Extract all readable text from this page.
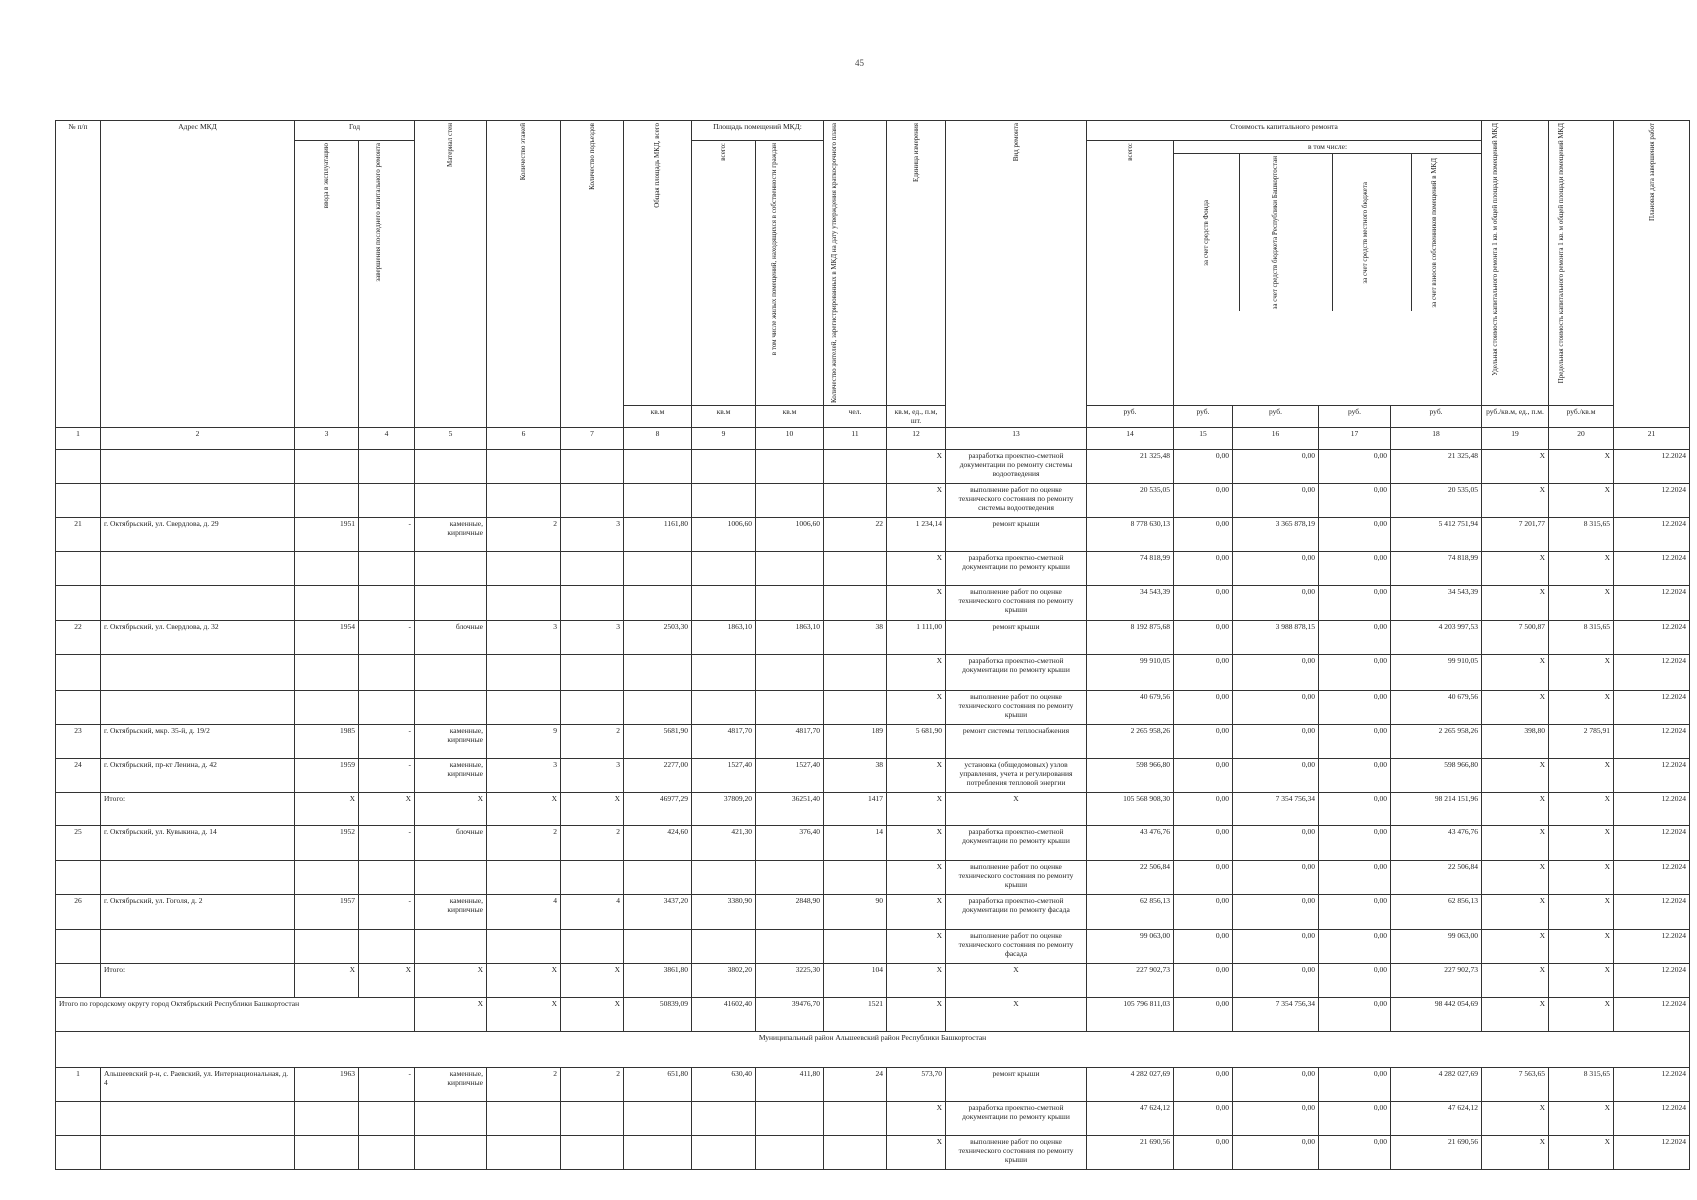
45
№ п/п	Адрес МКД	Год	Материал стен	Количество этажей	Количество подъездов	Общая площадь МКД, всего	Площадь помещений МКД:	Количество жителей, зарегистрированных в МКД на дату утверждения краткосрочного плана	Единица измерения	Вид ремонта	Стоимость капитального ремонта	Удельная стоимость капитального ремонта 1 кв. м общей площади помещений МКД	Предельная стоимость капитального ремонта 1 кв. м общей площади помещений МКД	Плановая дата завершения работ

ввода в эксплуатацию	завершения последнего капитального ремонта	всего:	в том числе жилых помещений, находящихся в собственности граждан	всего:	в том числе:
за счет средств Фонда	за счет средств бюджета Республики Башкортостан	за счет средств местного бюджета	за счет взносов собственников помещений в МКД

кв.м	кв.м	кв.м	чел.	кв.м, ед., п.м, шт.	руб.	руб.	руб.	руб.	руб.	руб./кв.м, ед., п.м.	руб./кв.м
1	2	3	4	5	6	7	8	9	10	11	12	13	14	15	16	17	18	19	20	21
											X	разработка проектно-сметной документации по ремонту системы водоотведения	21 325,48	0,00	0,00	0,00	21 325,48	X	X	12.2024
											X	выполнение работ по оценке технического состояния по ремонту системы водоотведения	20 535,05	0,00	0,00	0,00	20 535,05	X	X	12.2024
21	г. Октябрьский, ул. Свердлова, д. 29	1951	-	каменные, кирпичные	2	3	1161,80	1006,60	1006,60	22	1 234,14	ремонт крыши	8 778 630,13	0,00	3 365 878,19	0,00	5 412 751,94	7 201,77	8 315,65	12.2024
											X	разработка проектно-сметной документации по ремонту крыши	74 818,99	0,00	0,00	0,00	74 818,99	X	X	12.2024
											X	выполнение работ по оценке технического состояния по ремонту крыши	34 543,39	0,00	0,00	0,00	34 543,39	X	X	12.2024
22	г. Октябрьский, ул. Свердлова, д. 32	1954	-	блочные	3	3	2503,30	1863,10	1863,10	38	1 111,00	ремонт крыши	8 192 875,68	0,00	3 988 878,15	0,00	4 203 997,53	7 500,87	8 315,65	12.2024
											X	разработка проектно-сметной документации по ремонту крыши	99 910,05	0,00	0,00	0,00	99 910,05	X	X	12.2024
											X	выполнение работ по оценке технического состояния по ремонту крыши	40 679,56	0,00	0,00	0,00	40 679,56	X	X	12.2024
23	г. Октябрьский, мкр. 35-й, д. 19/2	1985	-	каменные, кирпичные	9	2	5681,90	4817,70	4817,70	189	5 681,90	ремонт системы теплоснабжения	2 265 958,26	0,00	0,00	0,00	2 265 958,26	398,80	2 785,91	12.2024
24	г. Октябрьский, пр-кт Ленина, д. 42	1959	-	каменные, кирпичные	3	3	2277,00	1527,40	1527,40	38	X	установка (общедомовых) узлов управления, учета и регулирования потребления тепловой энергии	598 966,80	0,00	0,00	0,00	598 966,80	X	X	12.2024
	Итого:	X	X	X	X	X	46977,29	37809,20	36251,40	1417	X	X	105 568 908,30	0,00	7 354 756,34	0,00	98 214 151,96	X	X	12.2024
25	г. Октябрьский, ул. Кувыкина, д. 14	1952	-	блочные	2	2	424,60	421,30	376,40	14	X	разработка проектно-сметной документации по ремонту крыши	43 476,76	0,00	0,00	0,00	43 476,76	X	X	12.2024
											X	выполнение работ по оценке технического состояния по ремонту крыши	22 506,84	0,00	0,00	0,00	22 506,84	X	X	12.2024
26	г. Октябрьский, ул. Гоголя, д. 2	1957	-	каменные, кирпичные	4	4	3437,20	3380,90	2848,90	90	X	разработка проектно-сметной документации по ремонту фасада	62 856,13	0,00	0,00	0,00	62 856,13	X	X	12.2024
											X	выполнение работ по оценке технического состояния по ремонту фасада	99 063,00	0,00	0,00	0,00	99 063,00	X	X	12.2024
	Итого:	X	X	X	X	X	3861,80	3802,20	3225,30	104	X	X	227 902,73	0,00	0,00	0,00	227 902,73	X	X	12.2024
Итого по городскому округу город Октябрьский Республики Башкортостан	X	X	X	50839,09	41602,40	39476,70	1521	X	X	105 796 811,03	0,00	7 354 756,34	0,00	98 442 054,69	X	X	12.2024
Муниципальный район Альшеевский район Республики Башкортостан
1	Альшеевский р-н, с. Раевский, ул. Интернациональная, д. 4	1963	-	каменные, кирпичные	2	2	651,80	630,40	411,80	24	573,70	ремонт крыши	4 282 027,69	0,00	0,00	0,00	4 282 027,69	7 563,65	8 315,65	12.2024
											X	разработка проектно-сметной документации по ремонту крыши	47 624,12	0,00	0,00	0,00	47 624,12	X	X	12.2024
											X	выполнение работ по оценке технического состояния по ремонту крыши	21 690,56	0,00	0,00	0,00	21 690,56	X	X	12.2024
